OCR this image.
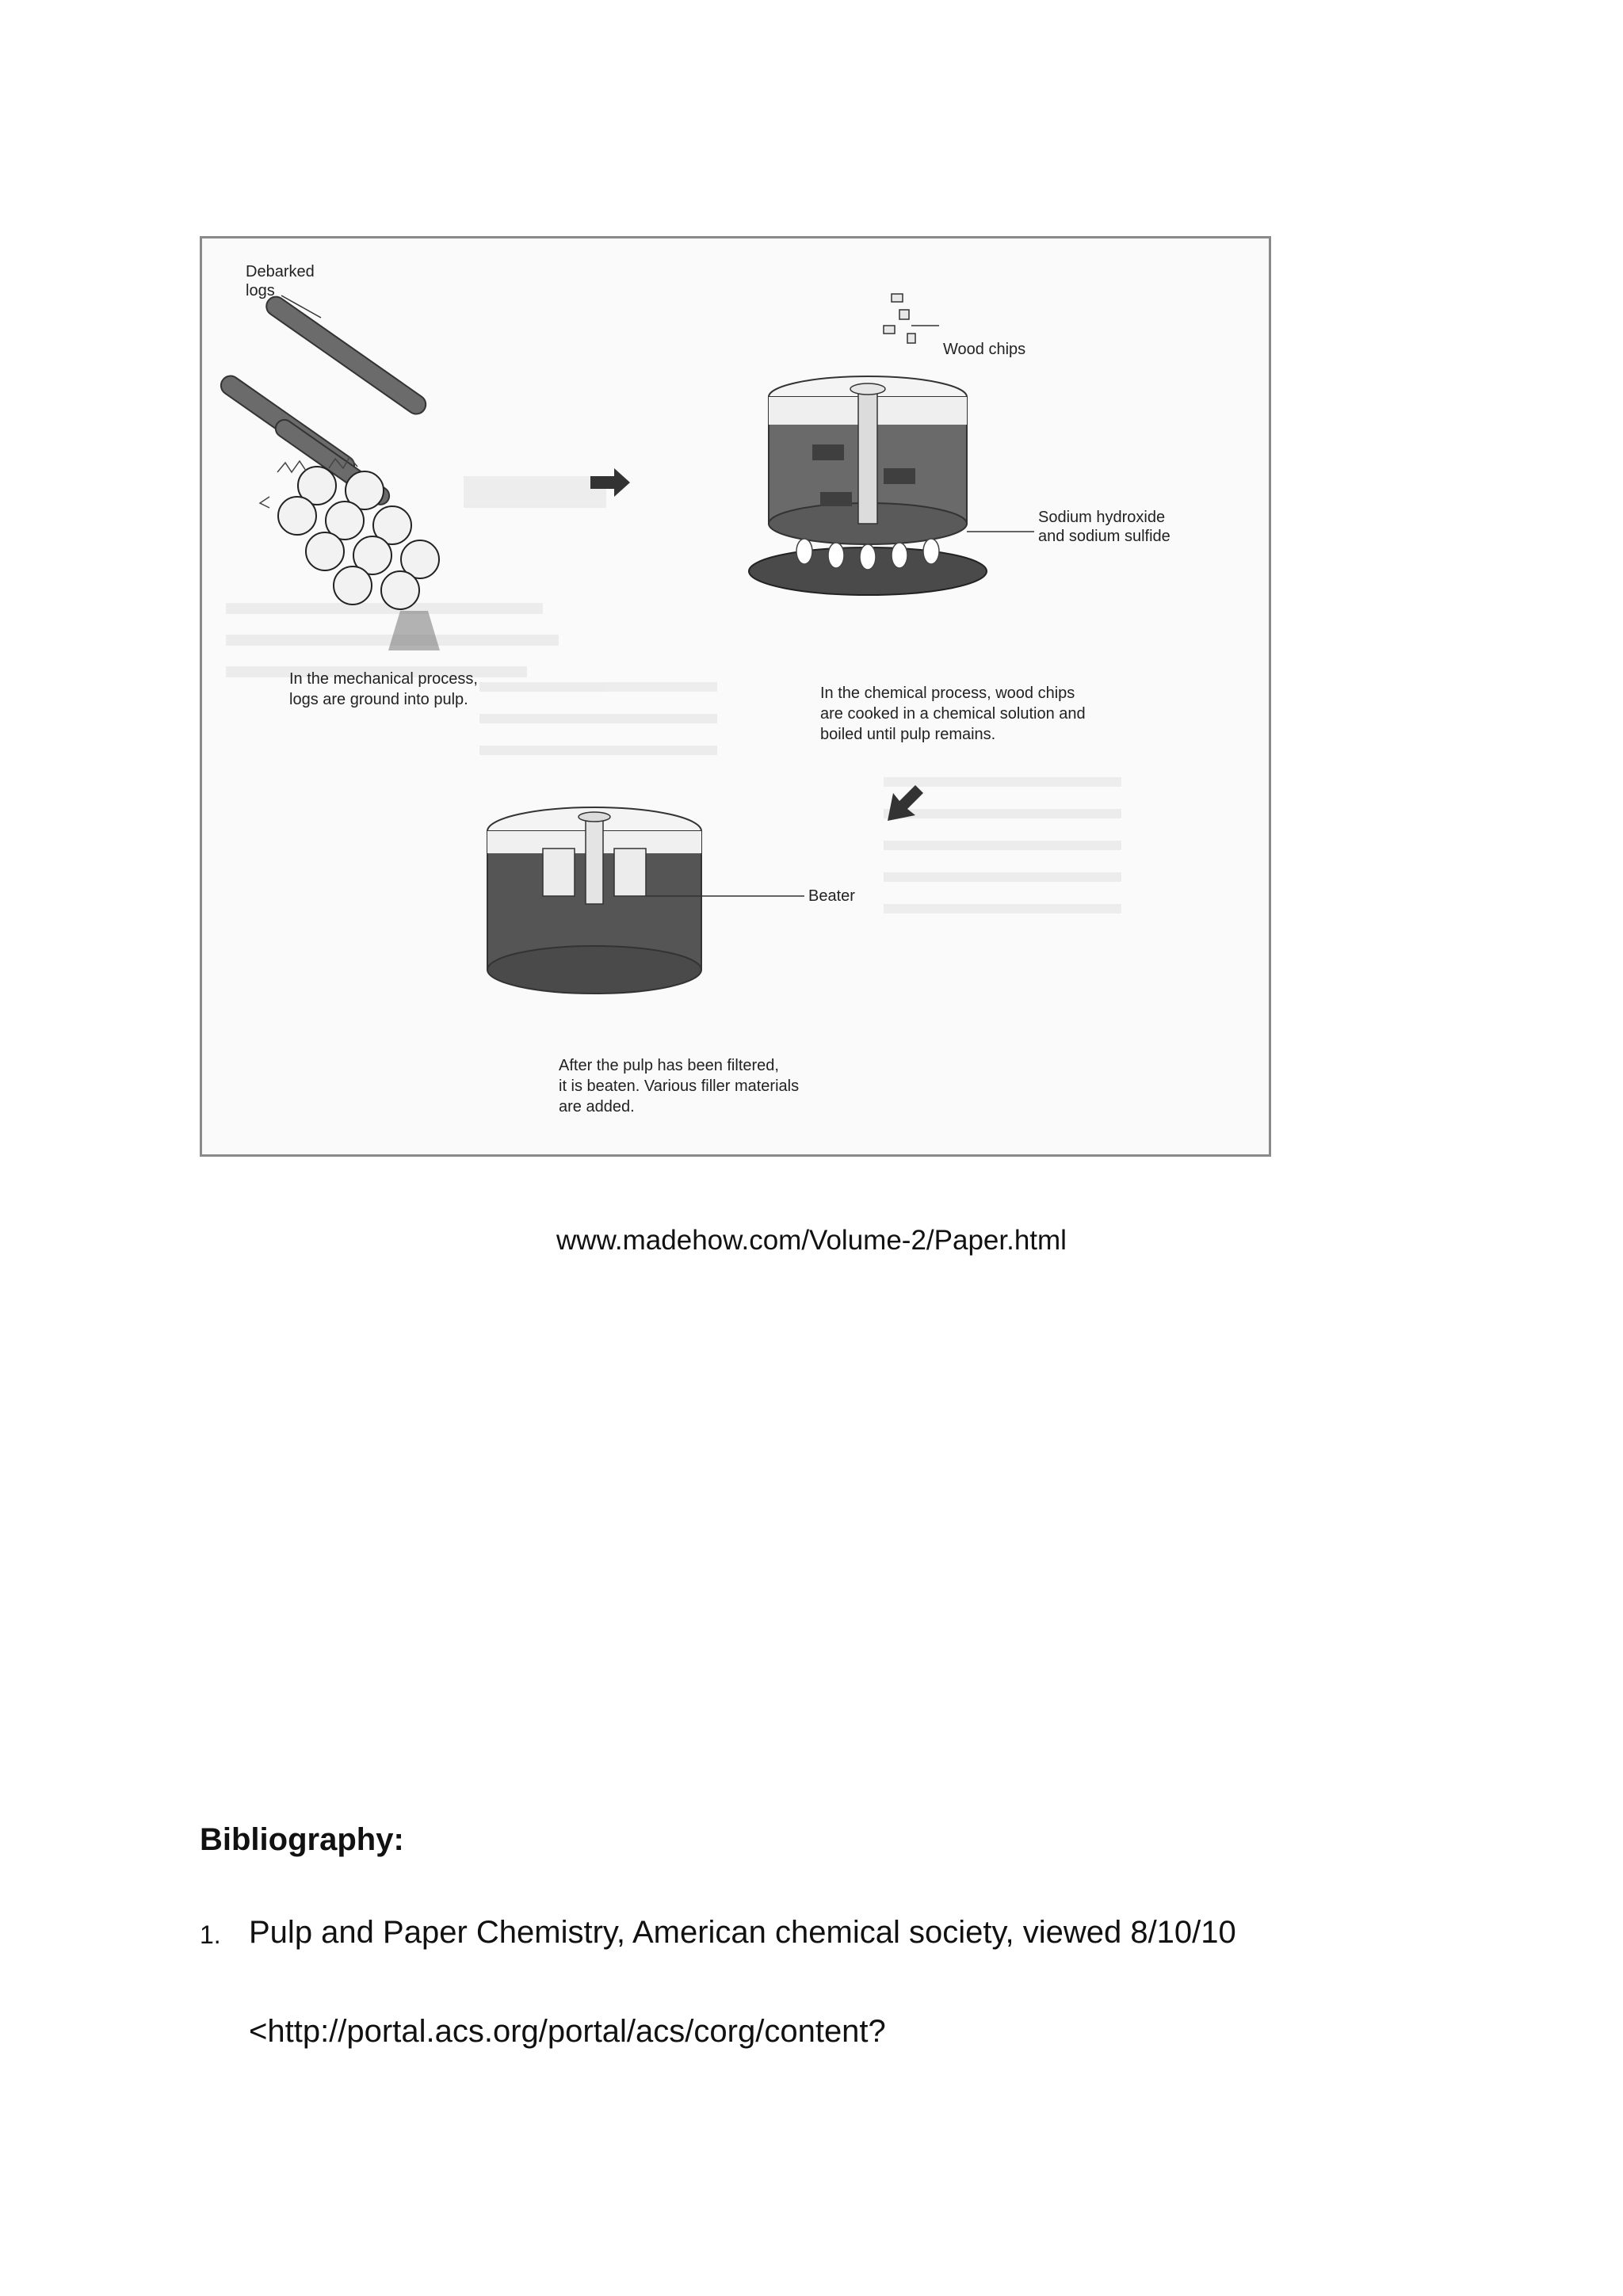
Debarked
logs
Wood chips
Sodium hydroxide
and sodium sulfide
Beater
In the mechanical process,
logs are ground into pulp.	In the chemical process, wood chips
are cooked in a chemical solution and
boiled until pulp remains.
After the pulp has been filtered,
it is beaten. Various filler materials
are added.
www.madehow.com/Volume-2/Paper.html
Bibliography:
1. Pulp and Paper Chemistry, American chemical society, viewed 8/10/10
<http://portal.acs.org/portal/acs/corg/content?
